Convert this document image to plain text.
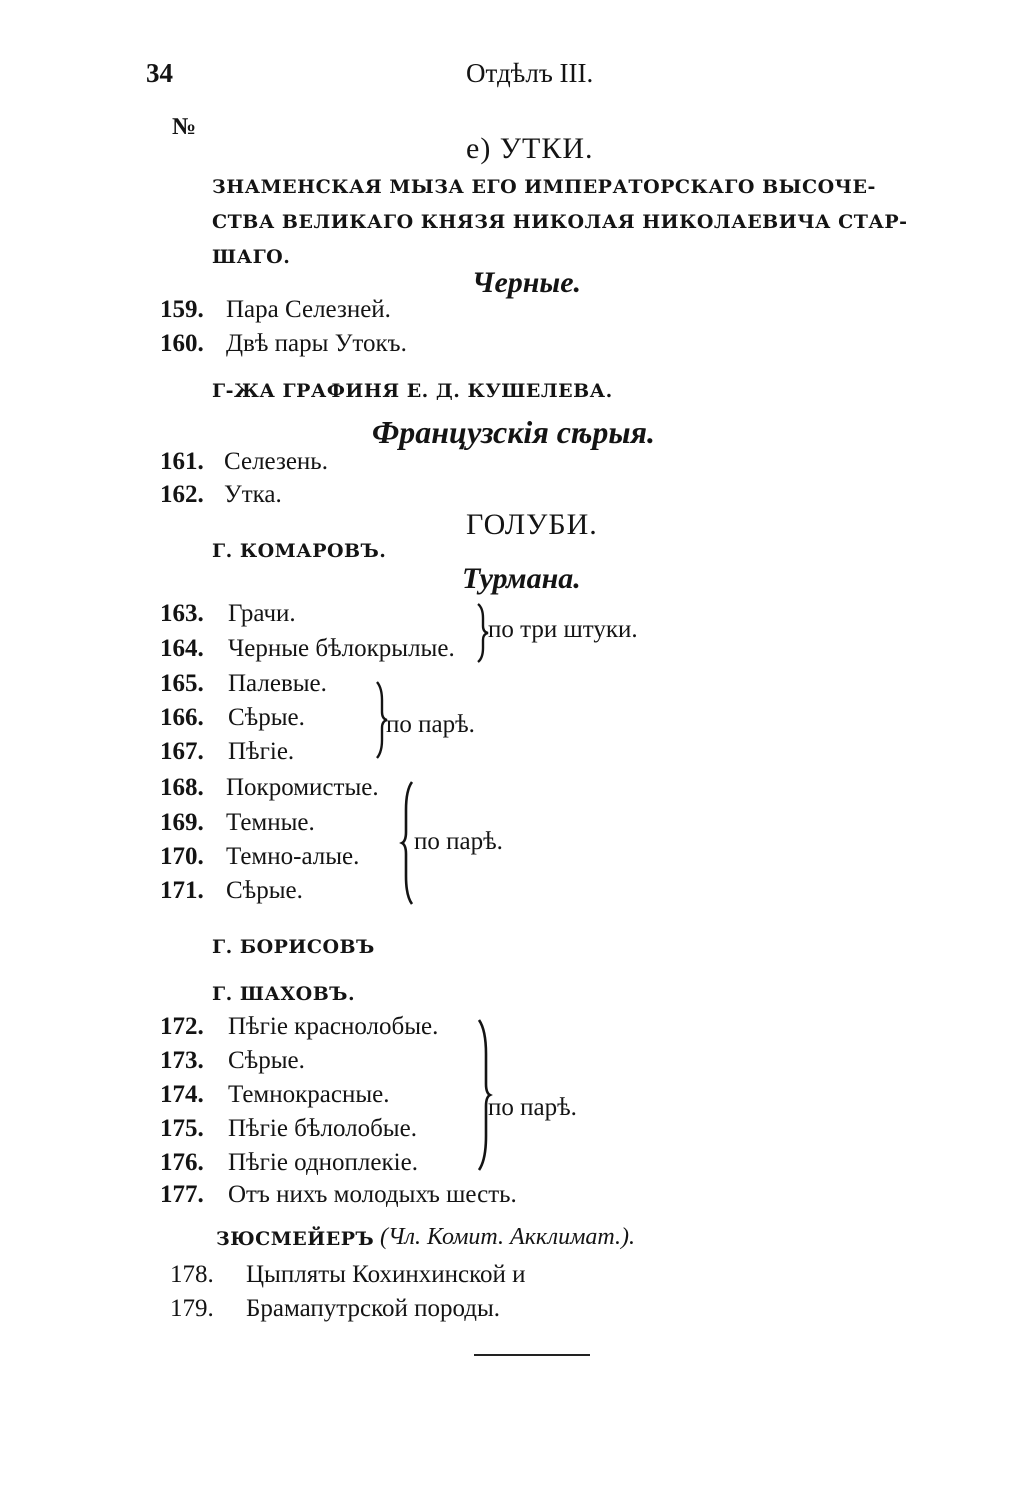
34	Отдѣлъ III.
№
е) УТКИ.
ЗНАМЕНСКАЯ МЫЗА ЕГО ИМПЕРАТОРСКАГО ВЫСОЧЕ-
СТВА ВЕЛИКАГО КНЯЗЯ НИКОЛАЯ НИКОЛАЕВИЧА СТАР-
ШАГО.
Черные.
159. Пара Селезней.
160. Двѣ пары Утокъ.
Г-ЖА ГРАФИНЯ Е. Д. КУШЕЛЕВА.
Французскія сѣрыя.
161. Селезень.
162. Утка.
ГОЛУБИ.
Г. КОМАРОВЪ.
Турмана.
163. Грачи.
164. Черные бѣлокрылые.
по три штуки.
165. Палевые.
166. Сѣрые.
167. Пѣгіе.
по парѣ.
168. Покромистые.
169. Темные.
170. Темно-алые.
171. Сѣрые.
по парѣ.
Г. БОРИСОВЪ
Г. ШАХОВЪ.
172. Пѣгіе краснолобые.
173. Сѣрые.
174. Темнокрасные.
175. Пѣгіе бѣлолобые.
176. Пѣгіе одноплекіе.
по парѣ.
177. Отъ нихъ молодыхъ шесть.
ЗЮСМЕЙЕРЪ (Чл. Комит. Акклимат.).
178. Цыпляты Кохинхинской и
179. Брамапутрской породы.
